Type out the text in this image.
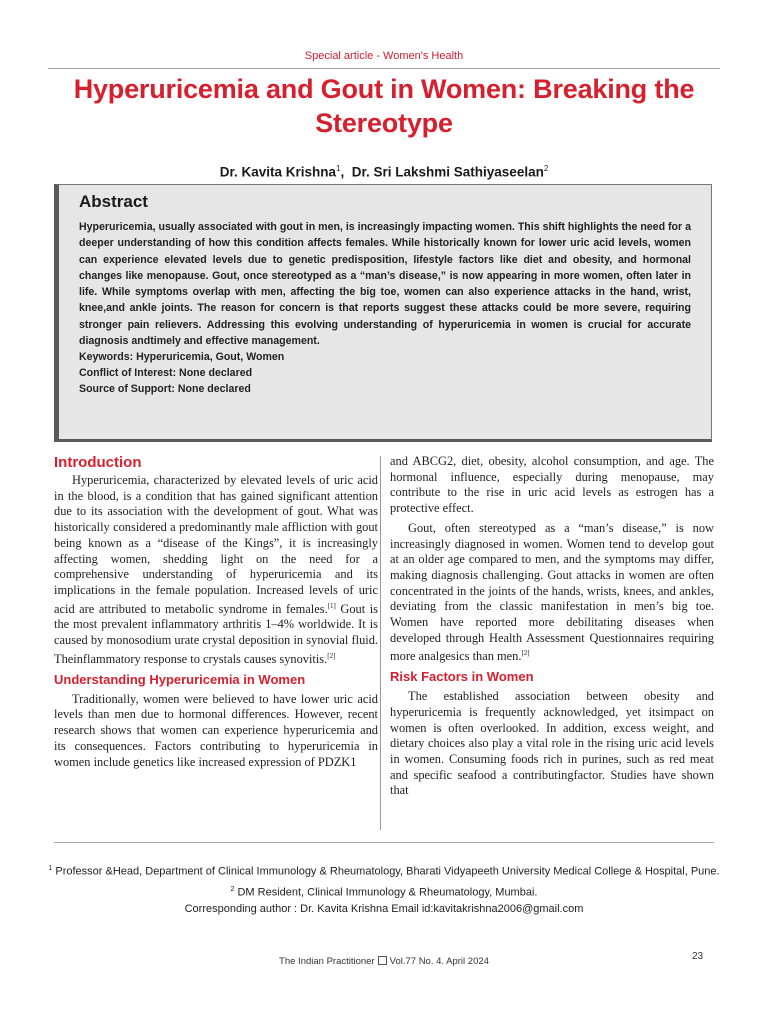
Special article - Women's Health
Hyperuricemia and Gout in Women: Breaking the Stereotype
Dr. Kavita Krishna$^1$,  Dr. Sri Lakshmi Sathiyaseelan$^2$
Abstract

Hyperuricemia, usually associated with gout in men, is increasingly impacting women. This shift highlights the need for a deeper understanding of how this condition affects females. While historically known for lower uric acid levels, women can experience elevated levels due to genetic predisposition, lifestyle factors like diet and obesity, and hormonal changes like menopause. Gout, once stereotyped as a “man’s disease,” is now appearing in more women, often later in life. While symptoms overlap with men, affecting the big toe, women can also experience attacks in the hand, wrist, knee,and ankle joints. The reason for concern is that reports suggest these attacks could be more severe, requiring stronger pain relievers. Addressing this evolving understanding of hyperuricemia in women is crucial for accurate diagnosis andtimely and effective management.

Keywords: Hyperuricemia, Gout, Women

Conflict of Interest: None declared

Source of Support: None declared

Introduction

Hyperuricemia, characterized by elevated levels of uric acid in the blood, is a condition that has gained significant attention due to its association with the development of gout. What was historically considered a predominantly male affliction with gout being known as a “disease of the Kings”, it is increasingly affecting women, shedding light on the need for a comprehensive understanding of hyperuricemia and its implications in the female population. Increased levels of uric acid are attributed to metabolic syndrome in females.[1] Gout is the most prevalent inflammatory arthritis 1–4% worldwide. It is caused by monosodium urate crystal deposition in synovial fluid. Theinflammatory response to crystals causes synovitis.[2]

Understanding Hyperuricemia in Women

Traditionally, women were believed to have lower uric acid levels than men due to hormonal differences. However, recent research shows that women can experience hyperuricemia and its consequences. Factors contributing to hyperuricemia in women include genetics like increased expression of PDZK1

and ABCG2, diet, obesity, alcohol consumption, and age. The hormonal influence, especially during menopause, may contribute to the rise in uric acid levels as estrogen has a protective effect.

Gout, often stereotyped as a “man’s disease,” is now increasingly diagnosed in women. Women tend to develop gout at an older age compared to men, and the symptoms may differ, making diagnosis challenging. Gout attacks in women are often concentrated in the joints of the hands, wrists, knees, and ankles, deviating from the classic manifestation in men’s big toe. Women have reported more debilitating diseases when developed through Health Assessment Questionnaires requiring more analgesics than men.[2]

Risk Factors in Women

The established association between obesity and hyperuricemia is frequently acknowledged, yet itsimpact on women is often overlooked. In addition, excess weight, and dietary choices also play a vital role in the rising uric acid levels in women. Consuming foods rich in purines, such as red meat and specific seafood a contributingfactor. Studies have shown that

$^1$ Professor &Head, Department of Clinical Immunology & Rheumatology, Bharati Vidyapeeth University Medical College & Hospital, Pune.

$^2$ DM Resident, Clinical Immunology & Rheumatology, Mumbai.

Corresponding author : Dr. Kavita Krishna Email id:kavitakrishna2006@gmail.com

The Indian Practitioner Vol.77 No. 4. April 2024	23
